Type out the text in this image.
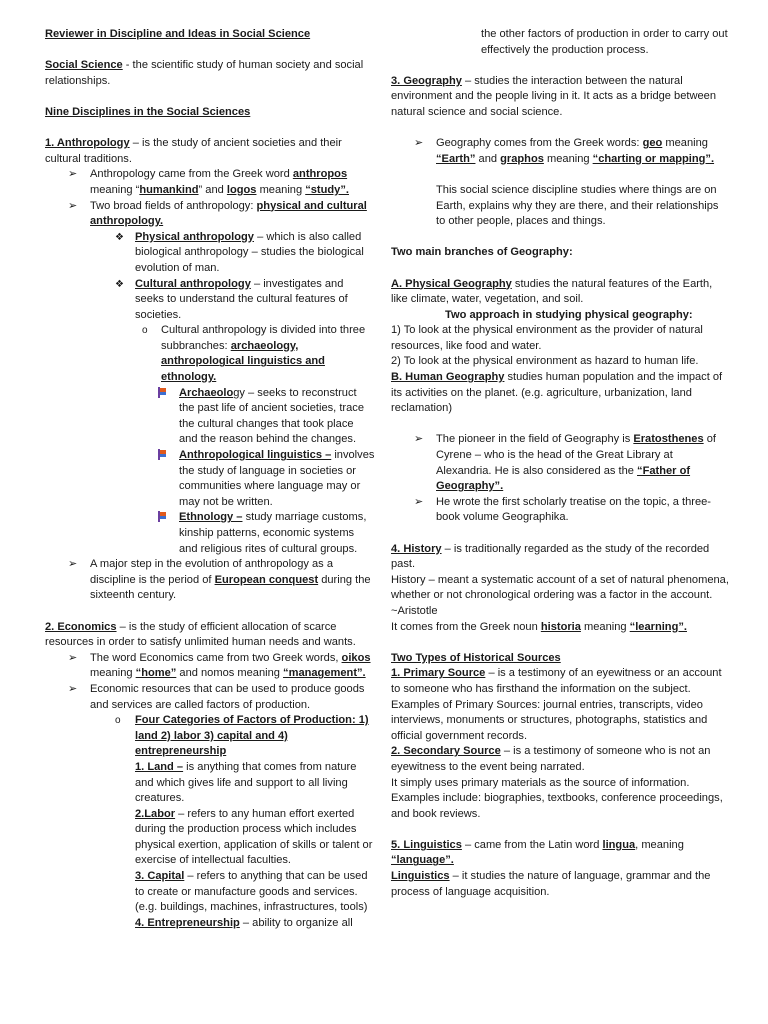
Reviewer in Discipline and Ideas in Social Science

Social Science - the scientific study of human society and social relationships.

Nine Disciplines in the Social Sciences

1. Anthropology – is the study of ancient societies and their cultural traditions.

➢ Anthropology came from the Greek word anthropos meaning “humankind” and logos meaning “study”.
➢ Two broad fields of anthropology: physical and cultural anthropology.
❖ Physical anthropology – which is also called biological anthropology – studies the biological evolution of man.
❖ Cultural anthropology – investigates and seeks to understand the cultural features of societies.
o Cultural anthropology is divided into three subbranches: archaeology, anthropological linguistics and ethnology.
Archaeology – seeks to reconstruct the past life of ancient societies, trace the cultural changes that took place and the reason behind the changes.
Anthropological linguistics – involves the study of language in societies or communities where language may or may not be written.
Ethnology – study marriage customs, kinship patterns, economic systems and religious rites of cultural groups.
➢ A major step in the evolution of anthropology as a discipline is the period of European conquest during the sixteenth century.

2. Economics – is the study of efficient allocation of scarce resources in order to satisfy unlimited human needs and wants.

➢ The word Economics came from two Greek words, oikos meaning “home” and nomos meaning “management”.
➢ Economic resources that can be used to produce goods and services are called factors of production.
o Four Categories of Factors of Production: 1) land 2) labor 3) capital and 4) entrepreneurship
1. Land – is anything that comes from nature and which gives life and support to all living creatures.
2.Labor – refers to any human effort exerted during the production process which includes physical exertion, application of skills or talent or exercise of intellectual faculties.
3. Capital – refers to anything that can be used to create or manufacture goods and services. (e.g. buildings, machines, infrastructures, tools)
4. Entrepreneurship – ability to organize all
the other factors of production in order to carry out effectively the production process.

3. Geography – studies the interaction between the natural environment and the people living in it. It acts as a bridge between natural science and social science.

➢ Geography comes from the Greek words: geo meaning “Earth” and graphos meaning “charting or mapping”.
This social science discipline studies where things are on Earth, explains why they are there, and their relationships to other people, places and things.

Two main branches of Geography:

A. Physical Geography studies the natural features of the Earth, like climate, water, vegetation, and soil.

Two approach in studying physical geography:

1) To look at the physical environment as the provider of natural resources, like food and water.

2) To look at the physical environment as hazard to human life.

B. Human Geography studies human population and the impact of its activities on the planet. (e.g. agriculture, urbanization, land reclamation)

➢ The pioneer in the field of Geography is Eratosthenes of Cyrene – who is the head of the Great Library at Alexandria. He is also considered as the “Father of Geography”.
➢ He wrote the first scholarly treatise on the topic, a three-book volume Geographika.

4. History – is traditionally regarded as the study of the recorded past.

History – meant a systematic account of a set of natural phenomena, whether or not chronological ordering was a factor in the account.

~Aristotle

It comes from the Greek noun historia meaning “learning”.

Two Types of Historical Sources

1. Primary Source – is a testimony of an eyewitness or an account to someone who has firsthand the information on the subject.

Examples of Primary Sources: journal entries, transcripts, video interviews, monuments or structures, photographs, statistics and official government records.

2. Secondary Source – is a testimony of someone who is not an eyewitness to the event being narrated.

It simply uses primary materials as the source of information. Examples include: biographies, textbooks, conference proceedings, and book reviews.

5. Linguistics – came from the Latin word lingua, meaning “language”.

Linguistics – it studies the nature of language, grammar and the process of language acquisition.
